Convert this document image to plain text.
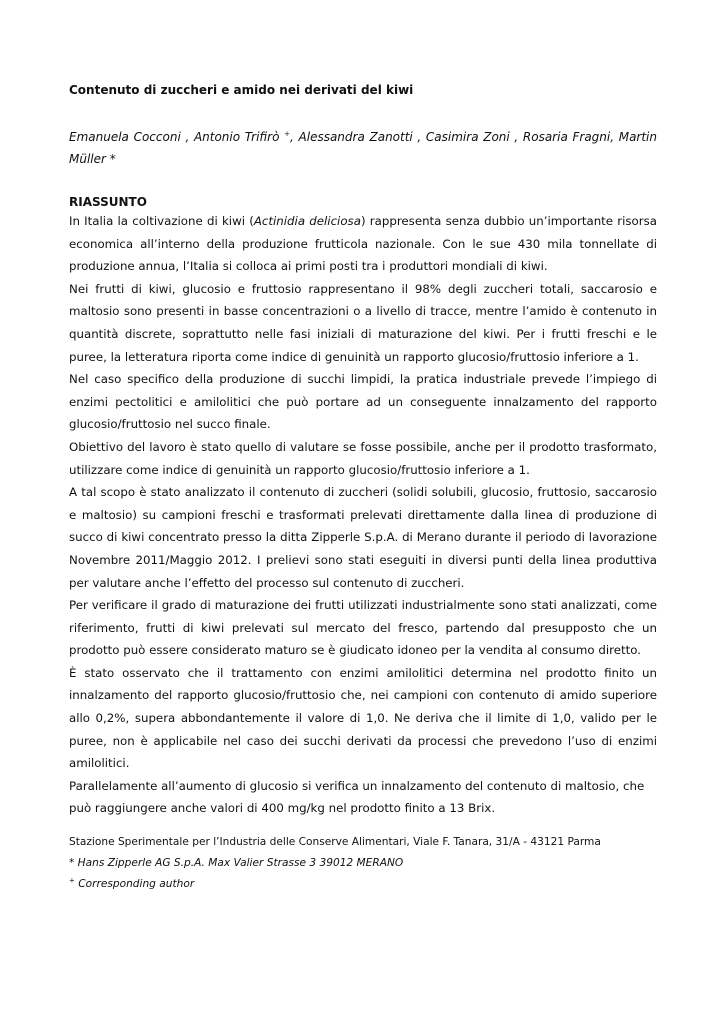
Contenuto di zuccheri e amido nei derivati del kiwi

Emanuela Cocconi , Antonio Trifirò +, Alessandra Zanotti , Casimira Zoni , Rosaria Fragni, Martin Müller *

RIASSUNTO

In Italia la coltivazione di kiwi (Actinidia deliciosa) rappresenta senza dubbio un’importante risorsa economica all’interno della produzione frutticola nazionale. Con le sue 430 mila tonnellate di produzione annua, l’Italia si colloca ai primi posti tra i produttori mondiali di kiwi.

Nei frutti di kiwi, glucosio e fruttosio rappresentano il 98% degli zuccheri totali, saccarosio e maltosio sono presenti in basse concentrazioni o a livello di tracce, mentre l’amido è contenuto in quantità discrete, soprattutto nelle fasi iniziali di maturazione del kiwi. Per i frutti freschi e le puree, la letteratura riporta come indice di genuinità un rapporto glucosio/fruttosio inferiore a 1.

Nel caso specifico della produzione di succhi limpidi, la pratica industriale prevede l’impiego di enzimi pectolitici e amilolitici che può portare ad un conseguente innalzamento del rapporto glucosio/fruttosio nel succo finale.

Obiettivo del lavoro è stato quello di valutare se fosse possibile, anche per il prodotto trasformato, utilizzare come indice di genuinità un rapporto glucosio/fruttosio inferiore a 1.

A tal scopo è stato analizzato il contenuto di zuccheri (solidi solubili, glucosio, fruttosio, saccarosio e maltosio) su campioni freschi e trasformati prelevati direttamente dalla linea di produzione di succo di kiwi concentrato presso la ditta Zipperle S.p.A. di Merano durante il periodo di lavorazione Novembre 2011/Maggio 2012. I prelievi sono stati eseguiti in diversi punti della linea produttiva per valutare anche l’effetto del processo sul contenuto di zuccheri.

Per verificare il grado di maturazione dei frutti utilizzati industrialmente sono stati analizzati, come riferimento, frutti di kiwi prelevati sul mercato del fresco, partendo dal presupposto che un prodotto può essere considerato maturo se è giudicato idoneo per la vendita al consumo diretto.

È stato osservato che il trattamento con enzimi amilolitici determina nel prodotto finito un innalzamento del rapporto glucosio/fruttosio che, nei campioni con contenuto di amido superiore allo 0,2%, supera abbondantemente il valore di 1,0. Ne deriva che il limite di 1,0, valido per le puree, non è applicabile nel caso dei succhi derivati da processi che prevedono l’uso di enzimi amilolitici.

Parallelamente all’aumento di glucosio si verifica un innalzamento del contenuto di maltosio, che può raggiungere anche valori di 400 mg/kg nel prodotto finito a 13 Brix.

Stazione Sperimentale per l’Industria delle Conserve Alimentari, Viale F. Tanara, 31/A - 43121 Parma
* Hans Zipperle AG S.p.A. Max Valier Strasse 3 39012 MERANO
+ Corresponding author
